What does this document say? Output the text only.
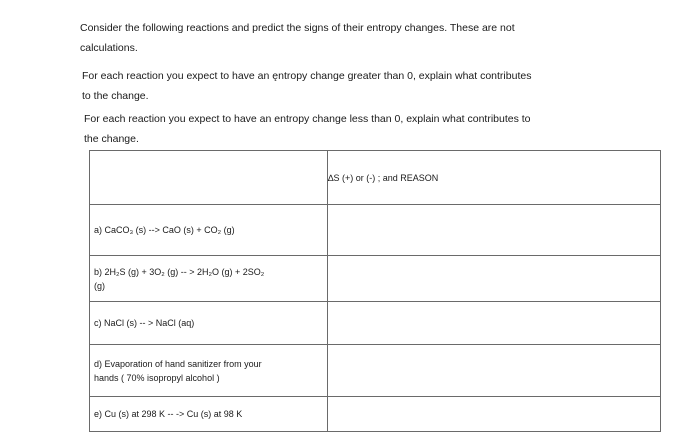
Consider the following reactions and predict the signs of their entropy changes. These are not
calculations.
For each reaction you expect to have an ęntropy change greater than 0, explain what contributes
to the change.
For each reaction you expect to have an entropy change less than 0, explain what contributes to
the change.
	∆S (+) or (-) ; and REASON
a) CaCO₃ (s) --> CaO (s) + CO₂ (g)	

b) 2H₂S (g) + 3O₂ (g) -- > 2H₂O (g) + 2SO₂
(g)	

c) NaCl (s) -- > NaCl (aq)	

d) Evaporation of hand sanitizer from your
hands ( 70% isopropyl alcohol )	

e) Cu (s) at 298 K -- -> Cu (s) at 98 K	
